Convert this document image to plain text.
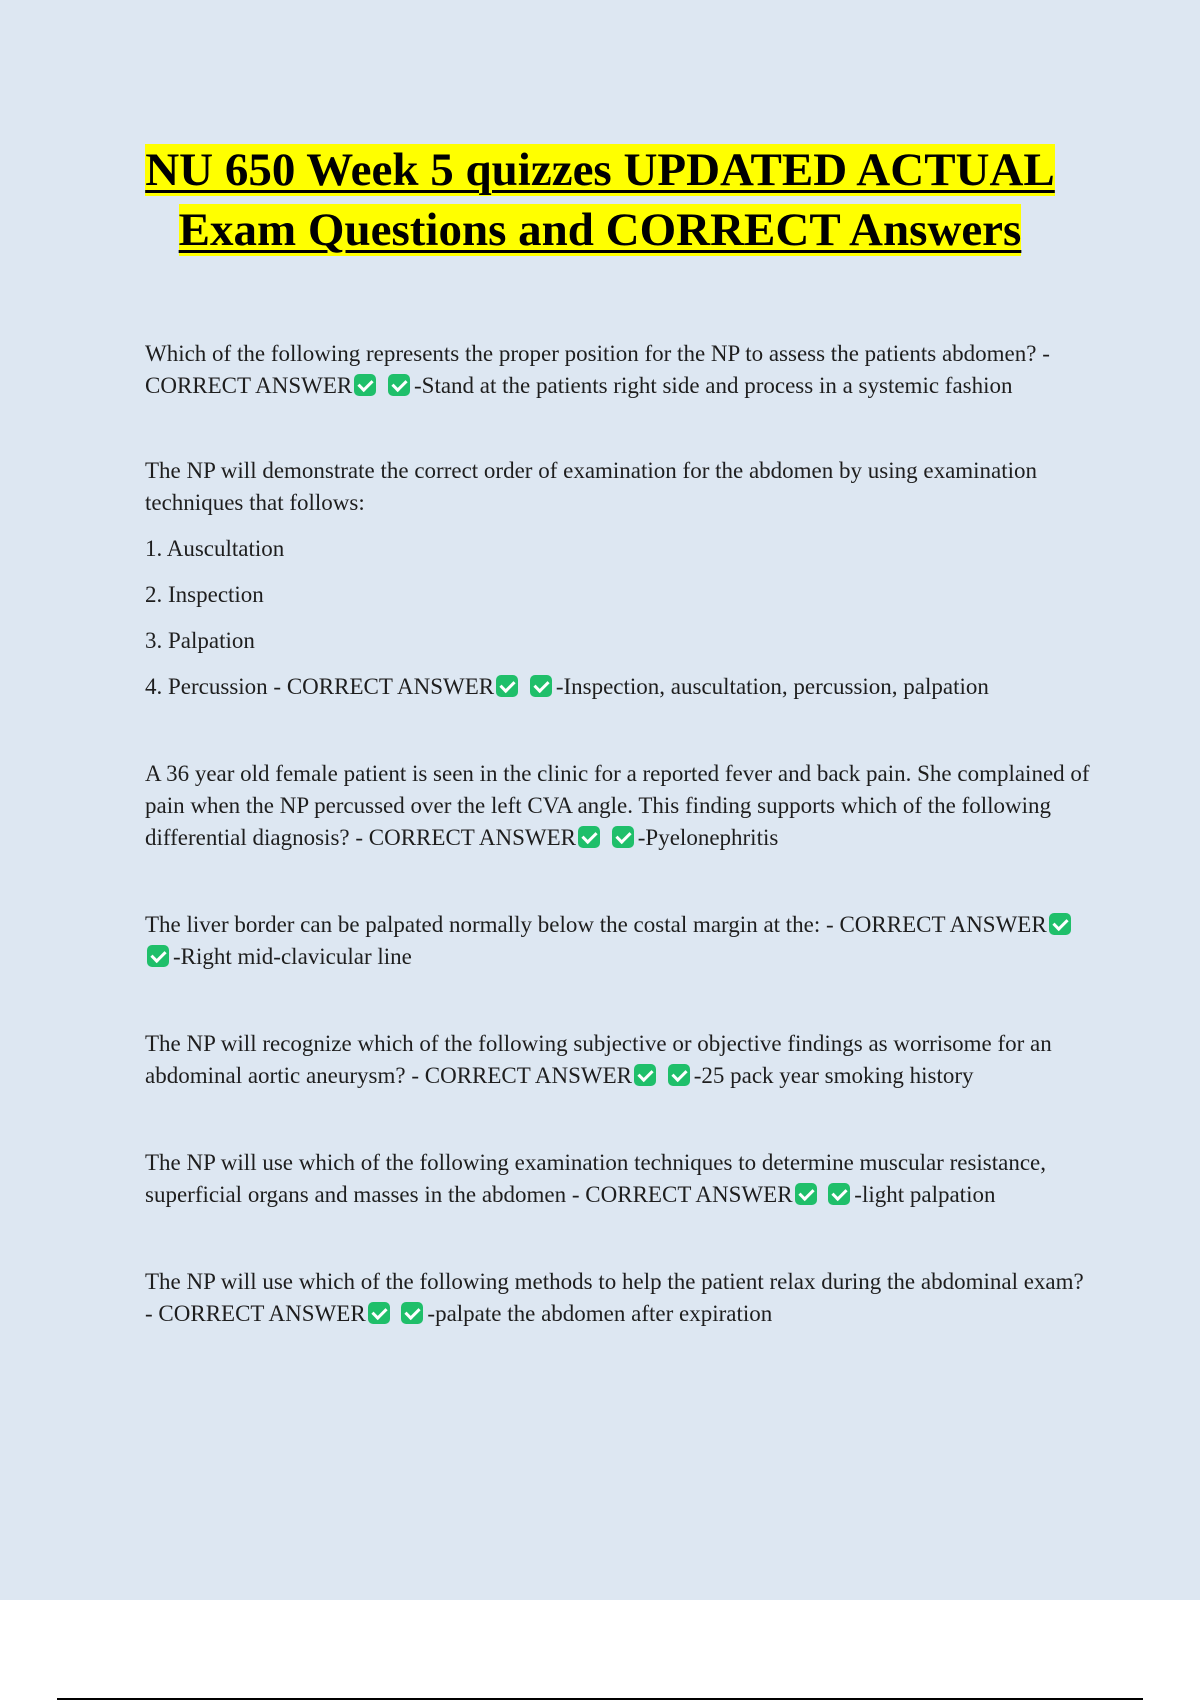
NU 650 Week 5 quizzes UPDATED ACTUAL Exam Questions and CORRECT Answers

Which of the following represents the proper position for the NP to assess the patients abdomen? - CORRECT ANSWER	-Stand at the patients right side and process in a systemic fashion

The NP will demonstrate the correct order of examination for the abdomen by using examination techniques that follows:

1. Auscultation

2. Inspection

3. Palpation

4. Percussion - CORRECT ANSWER	-Inspection, auscultation, percussion, palpation

A 36 year old female patient is seen in the clinic for a reported fever and back pain. She complained of pain when the NP percussed over the left CVA angle. This finding supports which of the following differential diagnosis? - CORRECT ANSWER	-Pyelonephritis

The liver border can be palpated normally below the costal margin at the: - CORRECT ANSWER -Right mid-clavicular line

The NP will recognize which of the following subjective or objective findings as worrisome for an abdominal aortic aneurysm? - CORRECT ANSWER	-25 pack year smoking history

The NP will use which of the following examination techniques to determine muscular resistance, superficial organs and masses in the abdomen - CORRECT ANSWER	-light palpation

The NP will use which of the following methods to help the patient relax during the abdominal exam? - CORRECT ANSWER	-palpate the abdomen after expiration
